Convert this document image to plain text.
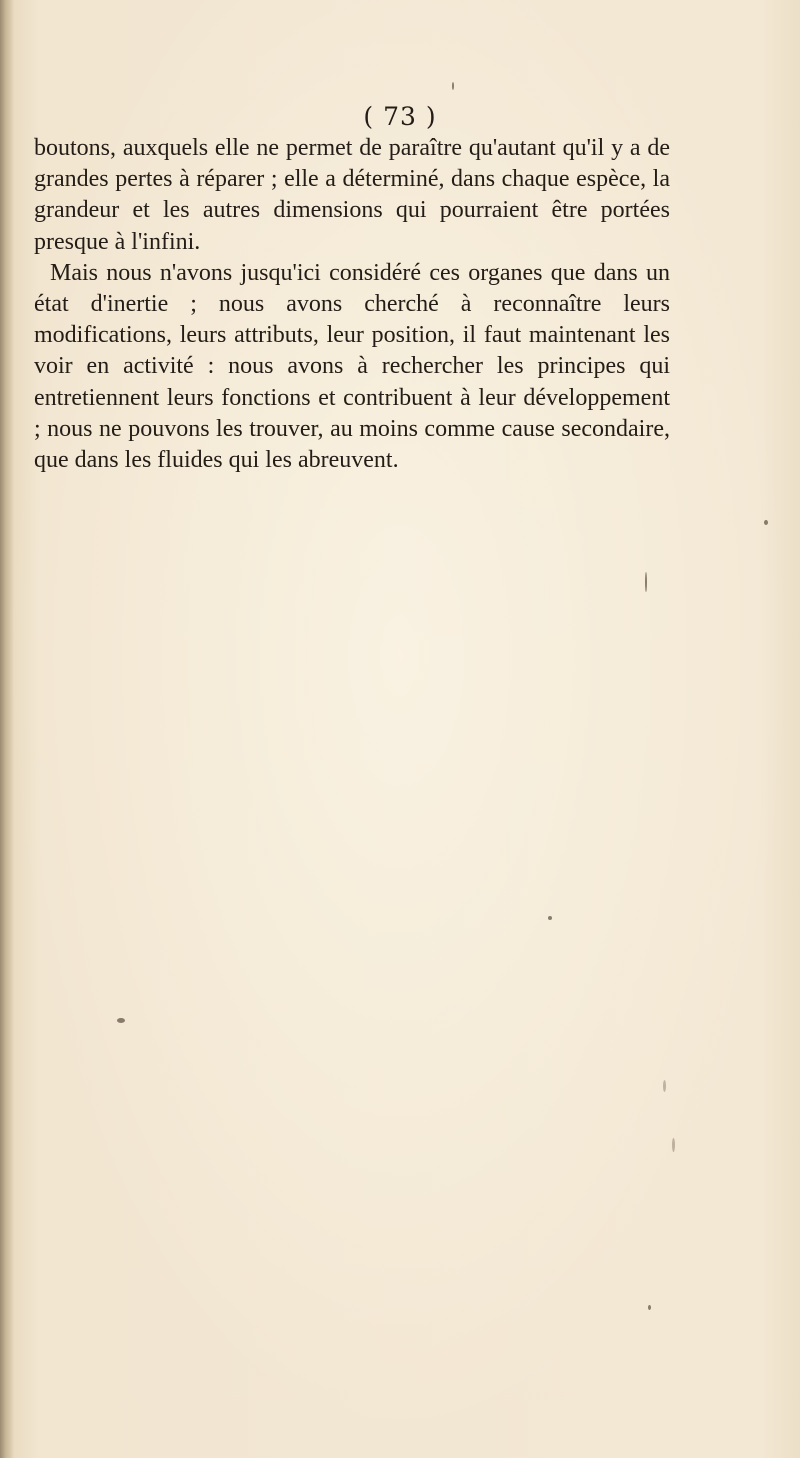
( 73 )

boutons, auxquels elle ne permet de paraître qu'autant qu'il y a de grandes pertes à réparer ; elle a déterminé, dans chaque espèce, la grandeur et les autres dimensions qui pourraient être portées presque à l'infini.

Mais nous n'avons jusqu'ici considéré ces organes que dans un état d'inertie ; nous avons cherché à reconnaître leurs modifications, leurs attributs, leur position, il faut maintenant les voir en activité : nous avons à rechercher les principes qui entretiennent leurs fonctions et contribuent à leur développement ; nous ne pouvons les trouver, au moins comme cause secondaire, que dans les fluides qui les abreuvent.
